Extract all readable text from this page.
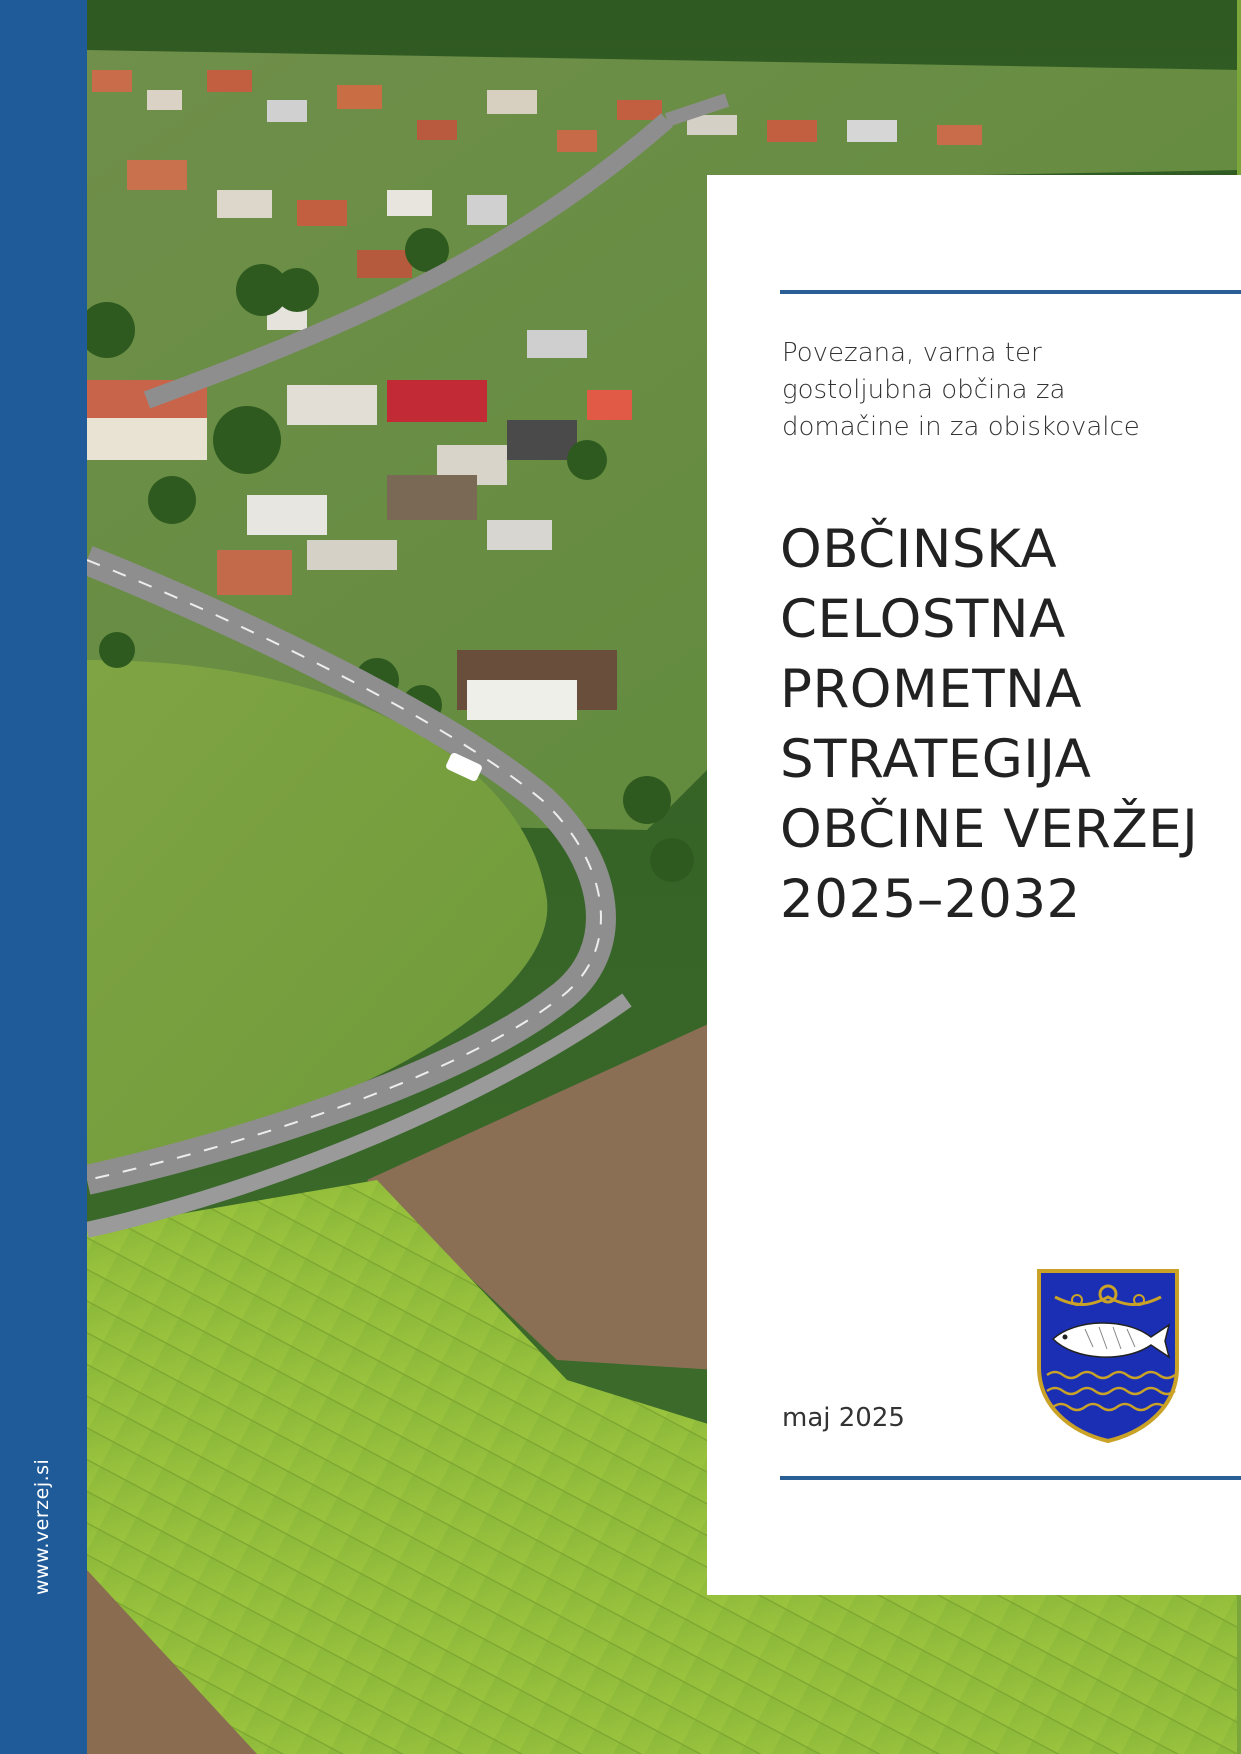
www.verzej.si
Povezana, varna ter
gostoljubna občina za
domačine in za obiskovalce
OBČINSKA
CELOSTNA
PROMETNA
STRATEGIJA
OBČINE VERŽEJ
2025–2032
maj 2025
